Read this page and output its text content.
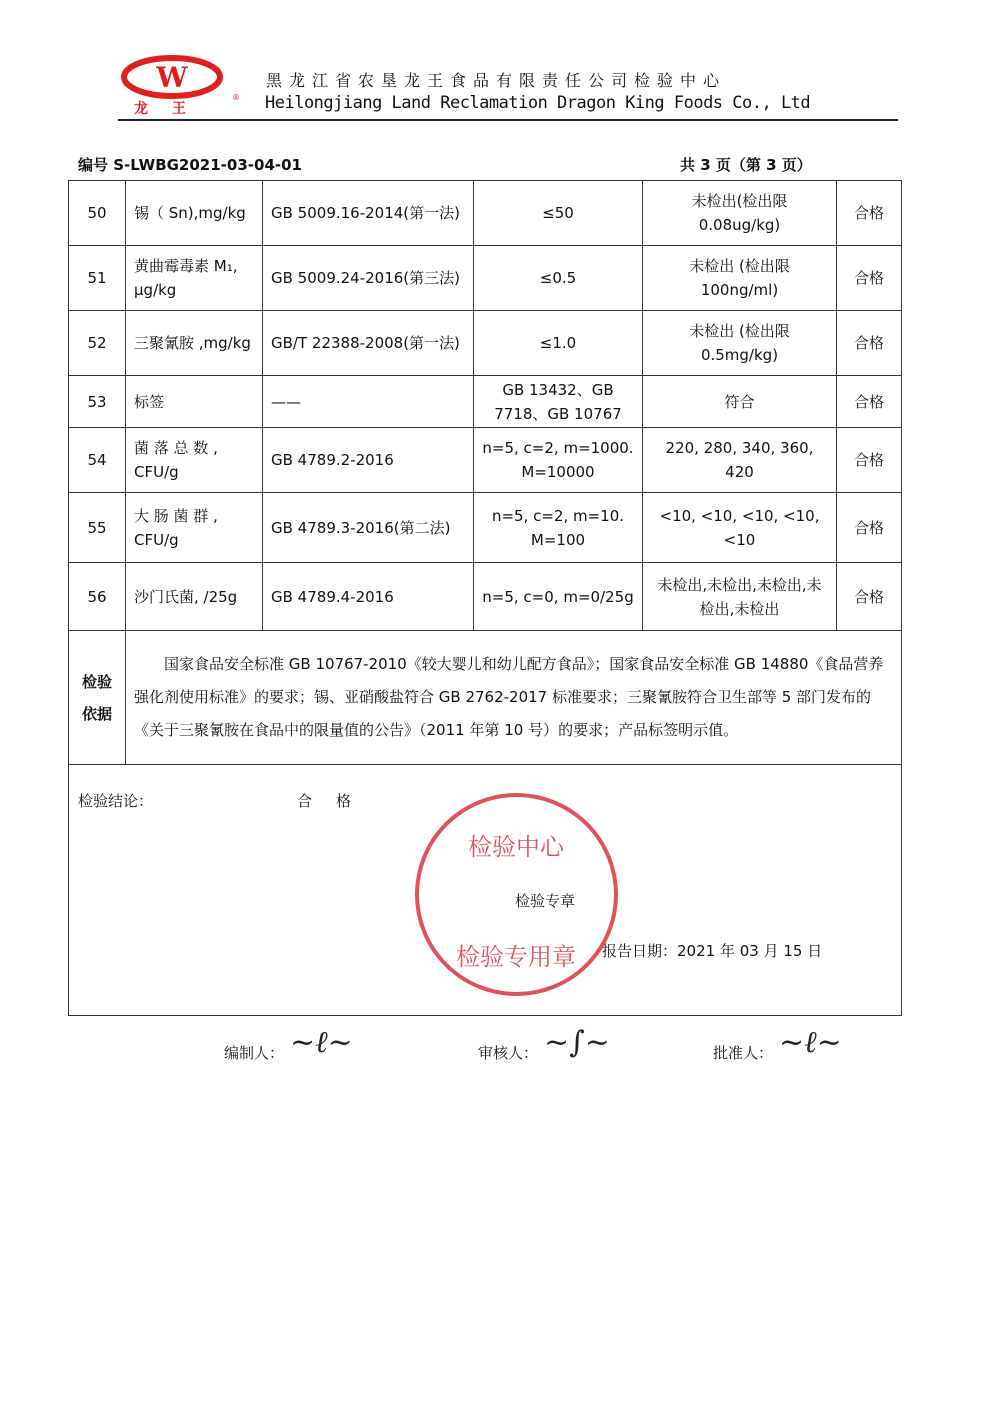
W
龙王
®
黑龙江省农垦龙王食品有限责任公司检验中心
Heilongjiang Land Reclamation Dragon King Foods Co., Ltd
编号 S-LWBG2021-03-04-01	共 3 页（第 3 页）
50	锡（ Sn),mg/kg	GB 5009.16-2014(第一法)	≤50	未检出(检出限 0.08ug/kg)	合格
51	黄曲霉毒素 M₁, μg/kg	GB 5009.24-2016(第三法)	≤0.5	未检出 (检出限 100ng/ml)	合格
52	三聚氰胺 ,mg/kg	GB/T 22388-2008(第一法)	≤1.0	未检出 (检出限 0.5mg/kg)	合格
53	标签	——	GB 13432、GB 7718、GB 10767	符合	合格
54	菌 落 总 数 , CFU/g	GB 4789.2-2016	n=5, c=2, m=1000. M=10000	220, 280, 340, 360, 420	合格
55	大 肠 菌 群 , CFU/g	GB 4789.3-2016(第二法)	n=5, c=2, m=10. M=100	<10, <10, <10, <10, <10	合格
56	沙门氏菌, /25g	GB 4789.4-2016	n=5, c=0, m=0/25g	未检出,未检出,未检出,未检出,未检出	合格
检验依据	国家食品安全标准 GB 10767-2010《较大婴儿和幼儿配方食品》；国家食品安全标准 GB 14880《食品营养强化剂使用标准》的要求；锡、亚硝酸盐符合 GB 2762-2017 标准要求；三聚氰胺符合卫生部等 5 部门发布的《关于三聚氰胺在食品中的限量值的公告》（2011 年第 10 号）的要求；产品标签明示值。				

检验结论：	合格
检验中心
检验专用章
检验专章
报告日期：2021 年 03 月 15 日
编制人： ~ℓ~	审核人： ~∫~	批准人： ~ℓ~
